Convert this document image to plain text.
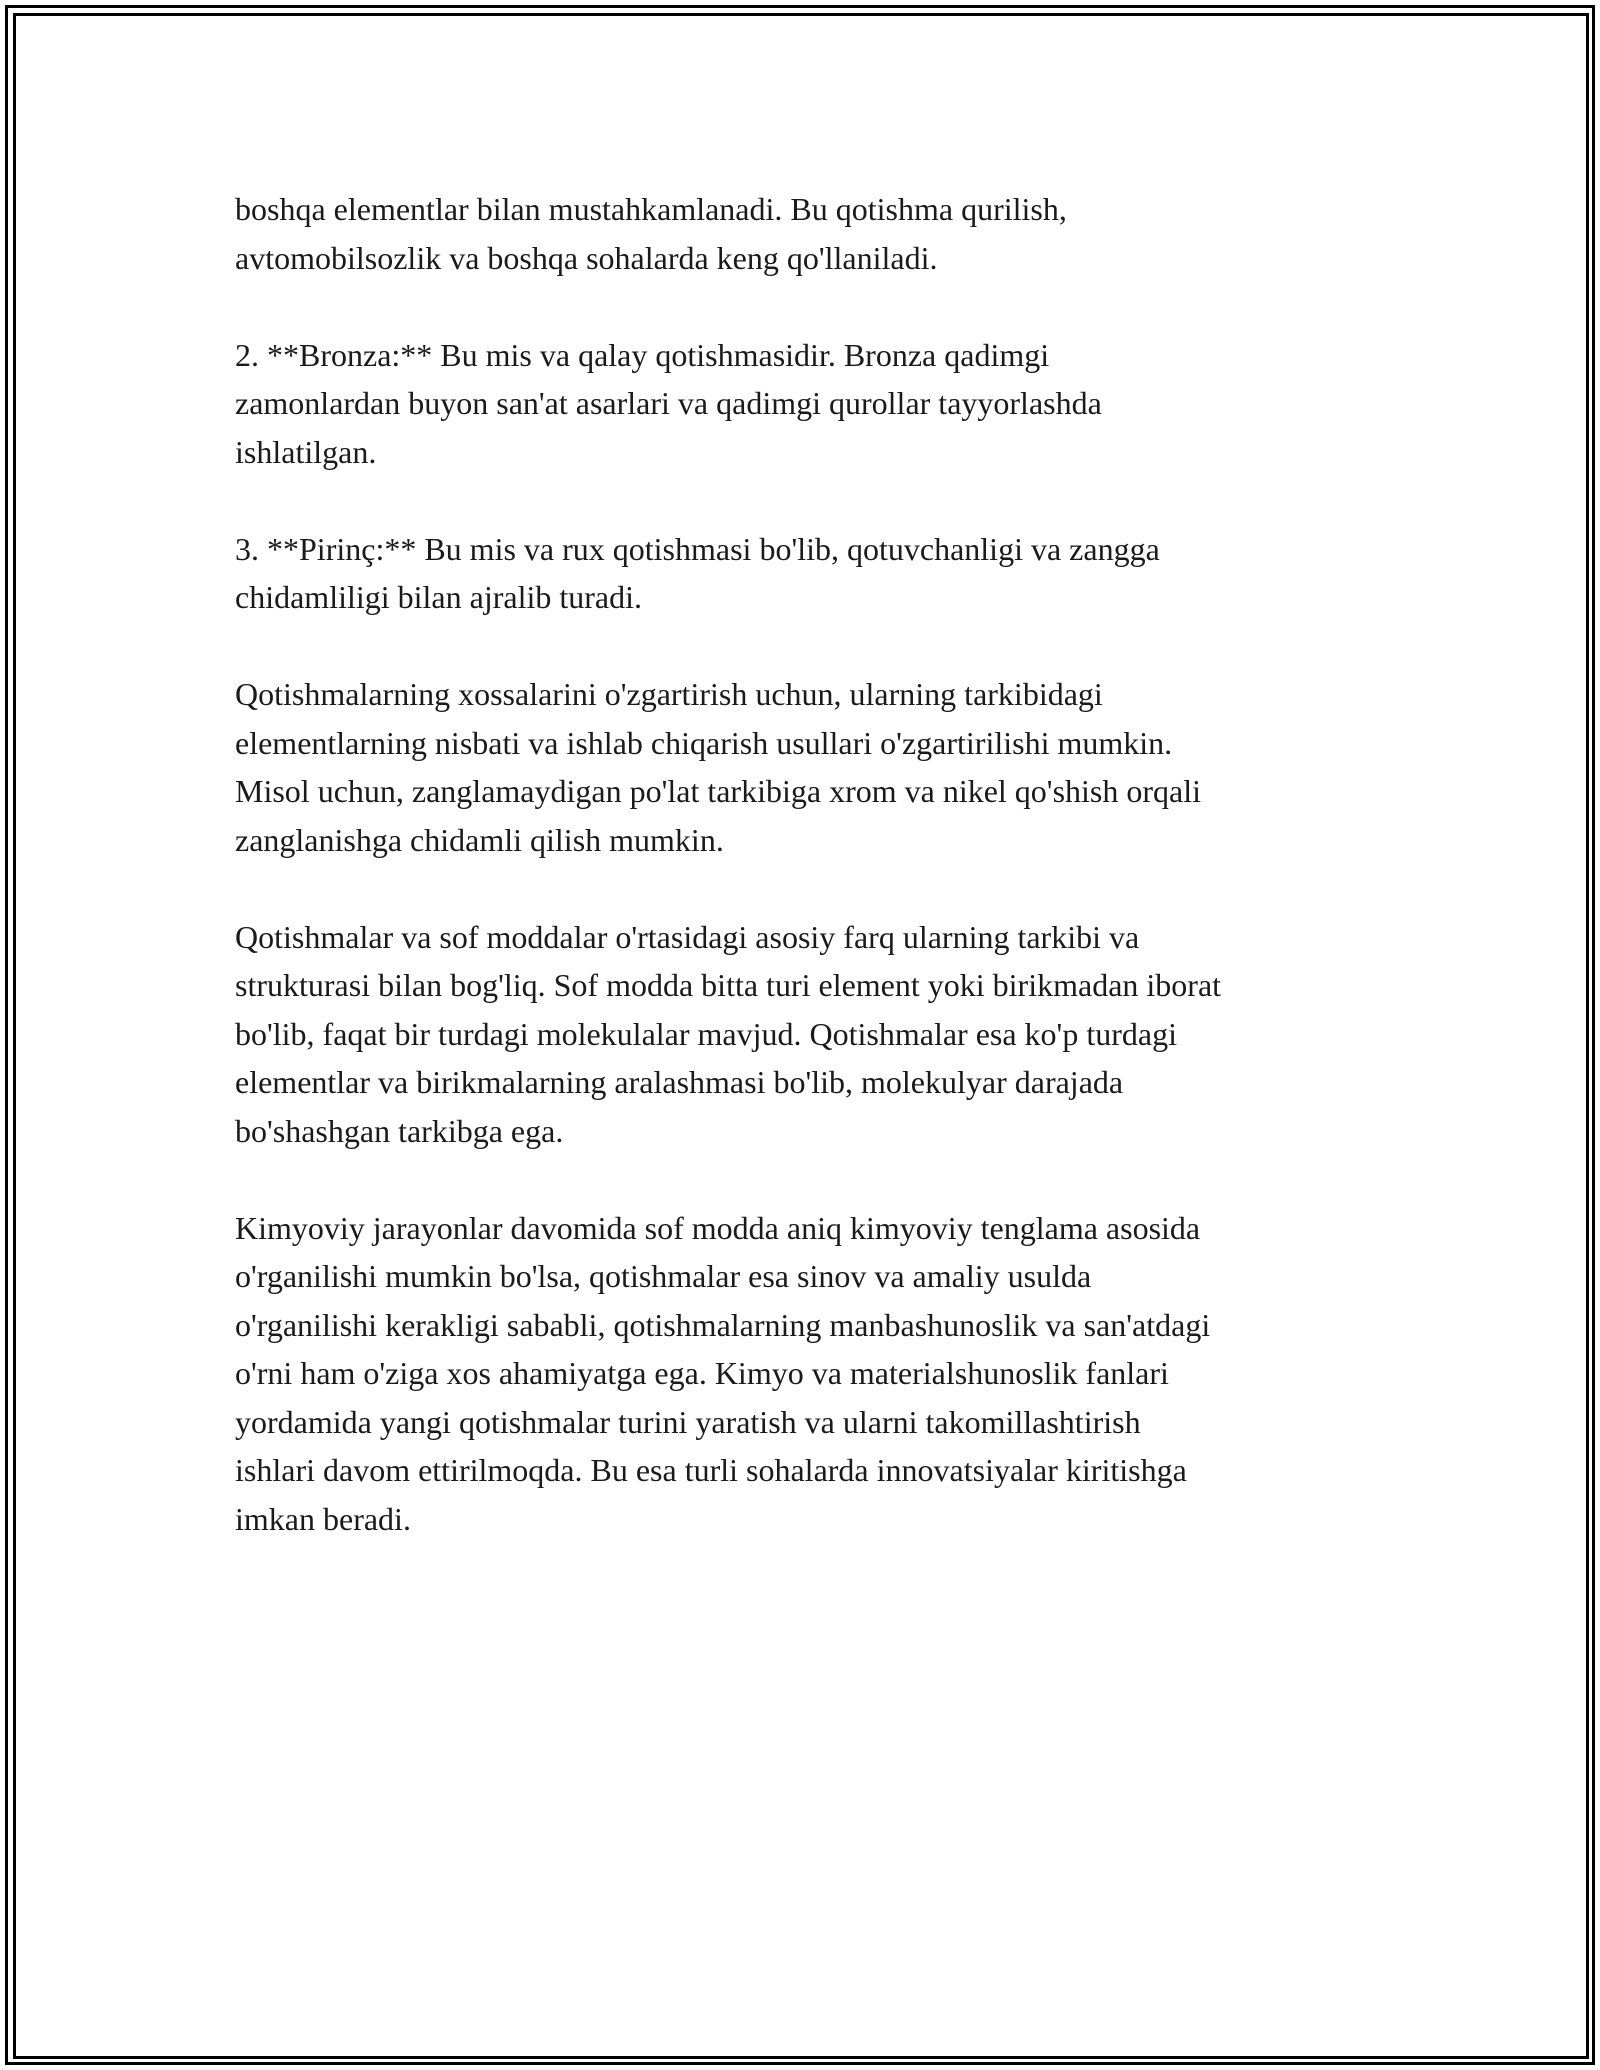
boshqa elementlar bilan mustahkamlanadi. Bu qotishma qurilish,
avtomobilsozlik va boshqa sohalarda keng qo'llaniladi.

2. **Bronza:** Bu mis va qalay qotishmasidir. Bronza qadimgi
zamonlardan buyon san'at asarlari va qadimgi qurollar tayyorlashda
ishlatilgan.

3. **Pirinç:** Bu mis va rux qotishmasi bo'lib, qotuvchanligi va zangga
chidamliligi bilan ajralib turadi.

Qotishmalarning xossalarini o'zgartirish uchun, ularning tarkibidagi
elementlarning nisbati va ishlab chiqarish usullari o'zgartirilishi mumkin.
Misol uchun, zanglamaydigan po'lat tarkibiga xrom va nikel qo'shish orqali
zanglanishga chidamli qilish mumkin.

Qotishmalar va sof moddalar o'rtasidagi asosiy farq ularning tarkibi va
strukturasi bilan bog'liq. Sof modda bitta turi element yoki birikmadan iborat
bo'lib, faqat bir turdagi molekulalar mavjud. Qotishmalar esa ko'p turdagi
elementlar va birikmalarning aralashmasi bo'lib, molekulyar darajada
bo'shashgan tarkibga ega.

Kimyoviy jarayonlar davomida sof modda aniq kimyoviy tenglama asosida
o'rganilishi mumkin bo'lsa, qotishmalar esa sinov va amaliy usulda
o'rganilishi kerakligi sababli, qotishmalarning manbashunoslik va san'atdagi
o'rni ham o'ziga xos ahamiyatga ega. Kimyo va materialshunoslik fanlari
yordamida yangi qotishmalar turini yaratish va ularni takomillashtirish
ishlari davom ettirilmoqda. Bu esa turli sohalarda innovatsiyalar kiritishga
imkan beradi.
